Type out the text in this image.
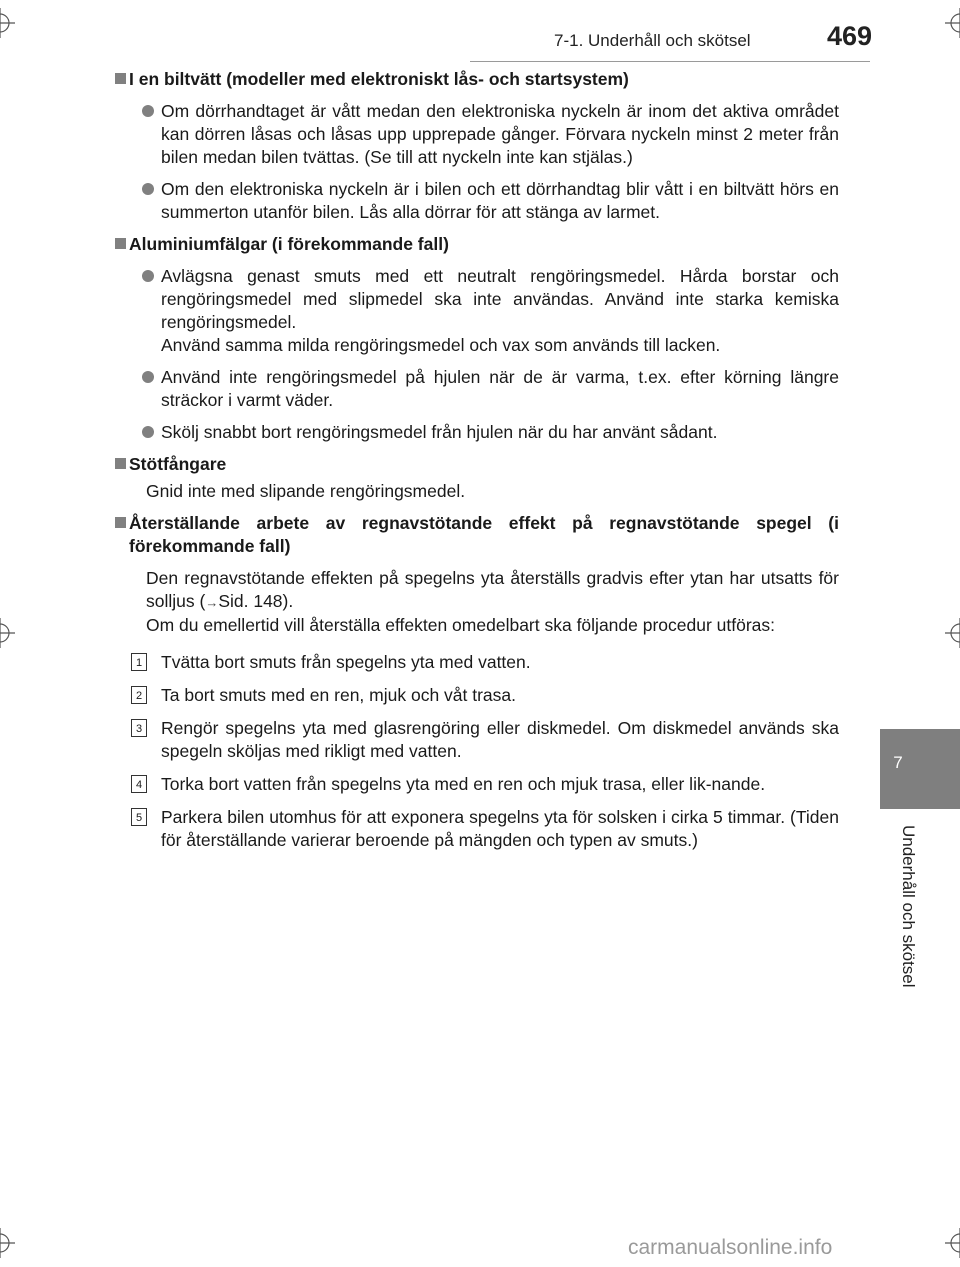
7-1. Underhåll och skötsel	469
7
Underhåll och skötsel
I en biltvätt (modeller med elektroniskt lås- och startsystem)
Om dörrhandtaget är vått medan den elektroniska nyckeln är inom det aktiva området kan dörren låsas och låsas upp upprepade gånger. Förvara nyckeln minst 2 meter från bilen medan bilen tvättas. (Se till att nyckeln inte kan stjälas.)
Om den elektroniska nyckeln är i bilen och ett dörrhandtag blir vått i en biltvätt hörs en summerton utanför bilen. Lås alla dörrar för att stänga av larmet.
Aluminiumfälgar (i förekommande fall)
Avlägsna genast smuts med ett neutralt rengöringsmedel. Hårda borstar och rengöringsmedel med slipmedel ska inte användas. Använd inte starka kemiska rengöringsmedel.
Använd samma milda rengöringsmedel och vax som används till lacken.
Använd inte rengöringsmedel på hjulen när de är varma, t.ex. efter körning längre sträckor i varmt väder.
Skölj snabbt bort rengöringsmedel från hjulen när du har använt sådant.
Stötfångare
Gnid inte med slipande rengöringsmedel.
Återställande arbete av regnavstötande effekt på regnavstötande spegel (i förekommande fall)
Den regnavstötande effekten på spegelns yta återställs gradvis efter ytan har utsatts för solljus (→Sid. 148).
Om du emellertid vill återställa effekten omedelbart ska följande procedur utföras:
1 Tvätta bort smuts från spegelns yta med vatten.
2 Ta bort smuts med en ren, mjuk och våt trasa.
3 Rengör spegelns yta med glasrengöring eller diskmedel. Om diskmedel används ska spegeln sköljas med rikligt med vatten.
4 Torka bort vatten från spegelns yta med en ren och mjuk trasa, eller lik-nande.
5 Parkera bilen utomhus för att exponera spegelns yta för solsken i cirka 5 timmar. (Tiden för återställande varierar beroende på mängden och typen av smuts.)
carmanualsonline.info
